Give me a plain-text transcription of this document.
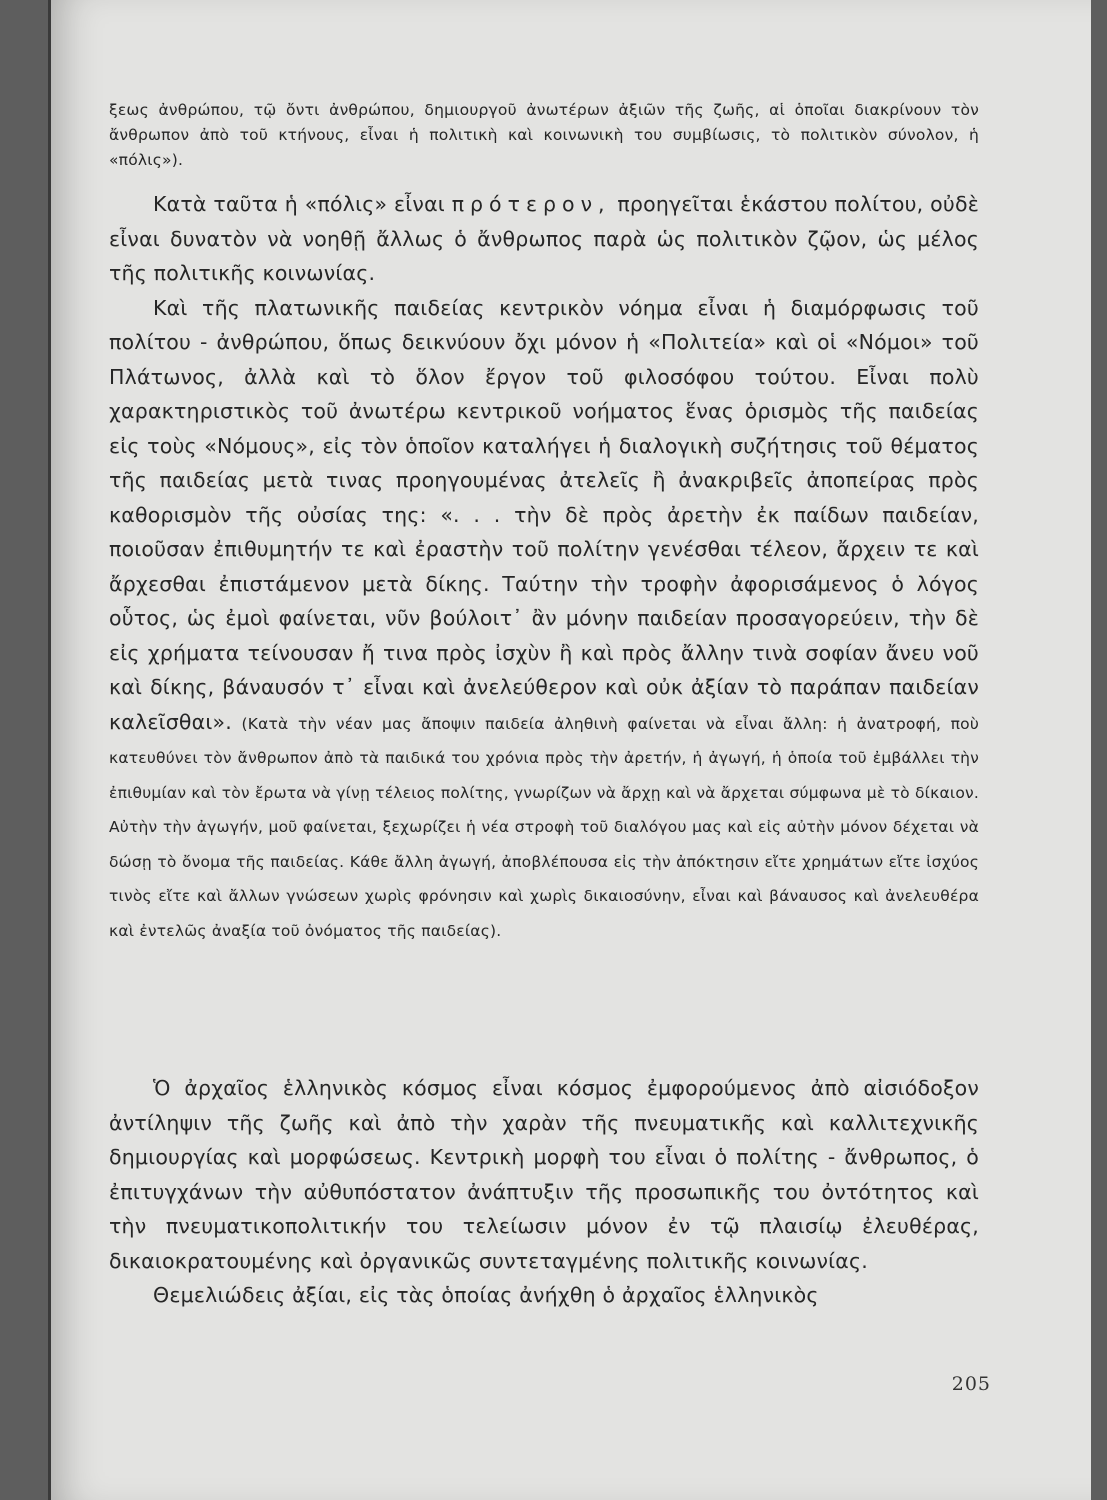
ξεως ἀνθρώπου, τῷ ὄντι ἀνθρώπου, δημιουργοῦ ἀνωτέρων ἀξιῶν τῆς ζωῆς, αἱ ὁποῖαι διακρίνουν τὸν ἄνθρωπον ἀπὸ τοῦ κτήνους, εἶναι ἡ πολιτικὴ καὶ κοινωνικὴ του συμβίωσις, τὸ πολιτικὸν σύνολον, ἡ «πόλις»).

Κατὰ ταῦτα ἡ «πόλις» εἶναι πρότερον, προηγεῖται ἑκάστου πολίτου, οὐδὲ εἶναι δυνατὸν νὰ νοηθῇ ἄλλως ὁ ἄνθρωπος παρὰ ὡς πολιτικὸν ζῷον, ὡς μέλος τῆς πολιτικῆς κοινωνίας.

Καὶ τῆς πλατωνικῆς παιδείας κεντρικὸν νόημα εἶναι ἡ διαμόρφωσις τοῦ πολίτου - ἀνθρώπου, ὅπως δεικνύουν ὄχι μόνον ἡ «Πολιτεία» καὶ οἱ «Νόμοι» τοῦ Πλάτωνος, ἀλλὰ καὶ τὸ ὅλον ἔργον τοῦ φιλοσόφου τούτου. Εἶναι πολὺ χαρακτηριστικὸς τοῦ ἀνωτέρω κεντρικοῦ νοήματος ἕνας ὁρισμὸς τῆς παιδείας εἰς τοὺς «Νόμους», εἰς τὸν ὁποῖον καταλήγει ἡ διαλογικὴ συζήτησις τοῦ θέματος τῆς παιδείας μετὰ τινας προηγουμένας ἀτελεῖς ἢ ἀνακριβεῖς ἀποπείρας πρὸς καθορισμὸν τῆς οὐσίας της: «. . . τὴν δὲ πρὸς ἀρετὴν ἐκ παίδων παιδείαν, ποιοῦσαν ἐπιθυμητήν τε καὶ ἐραστὴν τοῦ πολίτην γενέσθαι τέλεον, ἄρχειν τε καὶ ἄρχεσθαι ἐπιστάμενον μετὰ δίκης. Ταύτην τὴν τροφὴν ἀφορισάμενος ὁ λόγος οὗτος, ὡς ἐμοὶ φαίνεται, νῦν βούλοιτ᾽ ἂν μόνην παιδείαν προσαγορεύειν, τὴν δὲ εἰς χρήματα τείνουσαν ἤ τινα πρὸς ἰσχὺν ἢ καὶ πρὸς ἄλλην τινὰ σοφίαν ἄνευ νοῦ καὶ δίκης, βάναυσόν τ᾽ εἶναι καὶ ἀνελεύθερον καὶ οὐκ ἀξίαν τὸ παράπαν παιδείαν καλεῖσθαι». (Κατὰ τὴν νέαν μας ἄποψιν παιδεία ἀληθινὴ φαίνεται νὰ εἶναι ἄλλη: ἡ ἀνατροφή, ποὺ κατευθύνει τὸν ἄνθρωπον ἀπὸ τὰ παιδικά του χρόνια πρὸς τὴν ἀρετήν, ἡ ἀγωγή, ἡ ὁποία τοῦ ἐμβάλλει τὴν ἐπιθυμίαν καὶ τὸν ἔρωτα νὰ γίνῃ τέλειος πολίτης, γνωρίζων νὰ ἄρχῃ καὶ νὰ ἄρχεται σύμφωνα μὲ τὸ δίκαιον. Αὐτὴν τὴν ἀγωγήν, μοῦ φαίνεται, ξεχωρίζει ἡ νέα στροφὴ τοῦ διαλόγου μας καὶ εἰς αὐτὴν μόνον δέχεται νὰ δώσῃ τὸ ὄνομα τῆς παιδείας. Κάθε ἄλλη ἀγωγή, ἀποβλέπουσα εἰς τὴν ἀπόκτησιν εἴτε χρημάτων εἴτε ἰσχύος τινὸς εἴτε καὶ ἄλλων γνώσεων χωρὶς φρόνησιν καὶ χωρὶς δικαιοσύνην, εἶναι καὶ βάναυσος καὶ ἀνελευθέρα καὶ ἐντελῶς ἀναξία τοῦ ὀνόματος τῆς παιδείας).

Ὁ ἀρχαῖος ἑλληνικὸς κόσμος εἶναι κόσμος ἐμφορούμενος ἀπὸ αἰσιόδοξον ἀντίληψιν τῆς ζωῆς καὶ ἀπὸ τὴν χαρὰν τῆς πνευματικῆς καὶ καλλιτεχνικῆς δημιουργίας καὶ μορφώσεως. Κεντρικὴ μορφὴ του εἶναι ὁ πολίτης - ἄνθρωπος, ὁ ἐπιτυγχάνων τὴν αὐθυπόστατον ἀνάπτυξιν τῆς προσωπικῆς του ὀντότητος καὶ τὴν πνευματικοπολιτικήν του τελείωσιν μόνον ἐν τῷ πλαισίῳ ἐλευθέρας, δικαιοκρατουμένης καὶ ὀργανικῶς συντεταγμένης πολιτικῆς κοινωνίας.

Θεμελιώδεις ἀξίαι, εἰς τὰς ὁποίας ἀνήχθη ὁ ἀρχαῖος ἑλληνικὸς

205
